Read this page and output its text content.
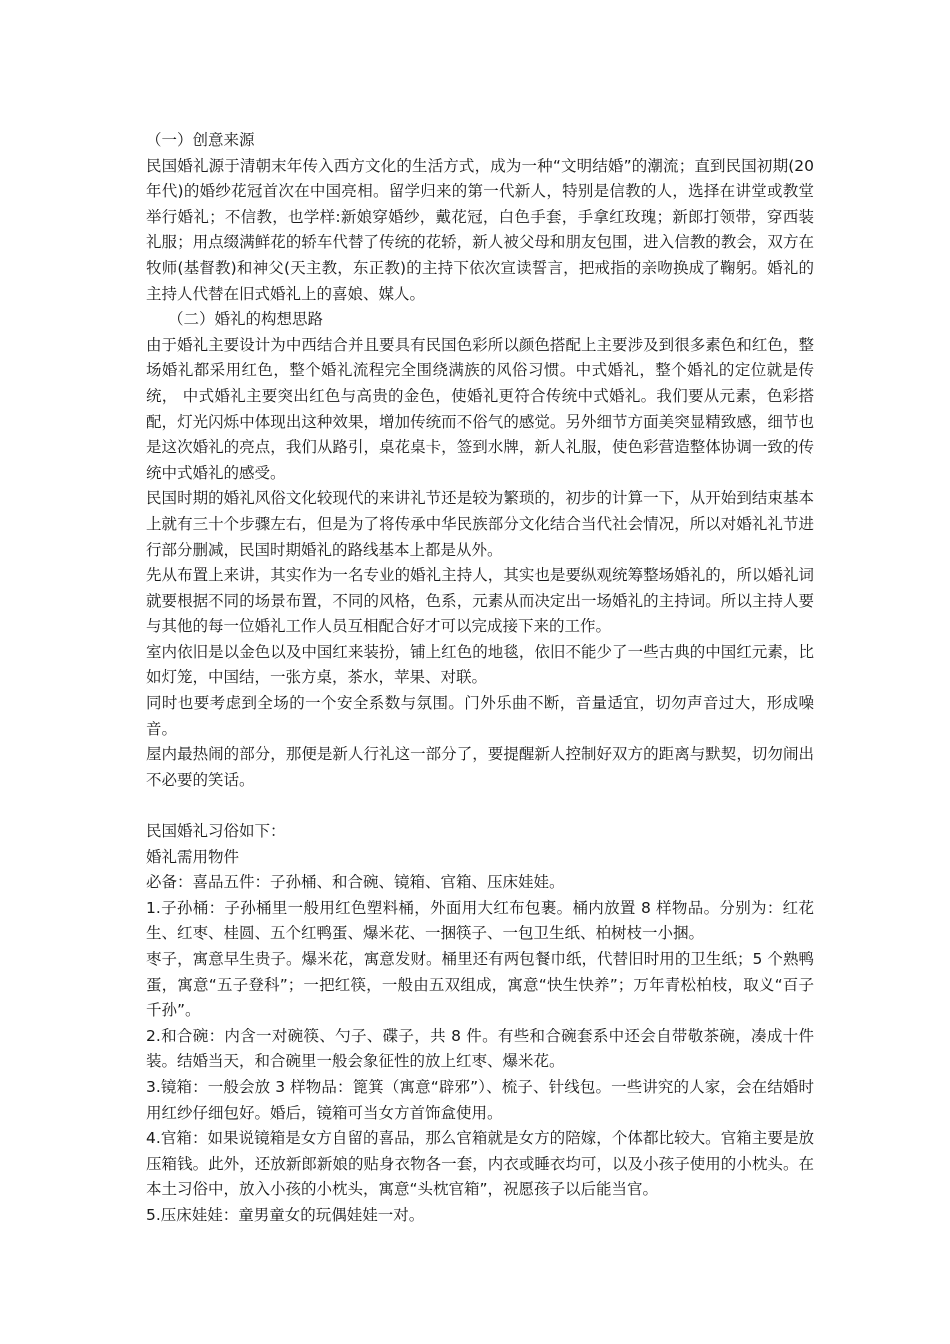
（一）创意来源

民国婚礼源于清朝末年传入西方文化的生活方式，成为一种“文明结婚”的潮流；直到民国初期(20年代)的婚纱花冠首次在中国亮相。留学归来的第一代新人，特别是信教的人，选择在讲堂或教堂举行婚礼；不信教，也学样:新娘穿婚纱，戴花冠，白色手套，手拿红玫瑰；新郎打领带，穿西装礼服；用点缀满鲜花的轿车代替了传统的花轿，新人被父母和朋友包围，进入信教的教会，双方在牧师(基督教)和神父(天主教，东正教)的主持下依次宣读誓言，把戒指的亲吻换成了鞠躬。婚礼的主持人代替在旧式婚礼上的喜娘、媒人。

（二）婚礼的构想思路

由于婚礼主要设计为中西结合并且要具有民国色彩所以颜色搭配上主要涉及到很多素色和红色，整场婚礼都采用红色，整个婚礼流程完全围绕满族的风俗习惯。中式婚礼，整个婚礼的定位就是传统， 中式婚礼主要突出红色与高贵的金色，使婚礼更符合传统中式婚礼。我们要从元素，色彩搭配，灯光闪烁中体现出这种效果，增加传统而不俗气的感觉。另外细节方面美突显精致感，细节也是这次婚礼的亮点，我们从路引，桌花桌卡，签到水牌，新人礼服，使色彩营造整体协调一致的传统中式婚礼的感受。

民国时期的婚礼风俗文化较现代的来讲礼节还是较为繁琐的，初步的计算一下，从开始到结束基本上就有三十个步骤左右，但是为了将传承中华民族部分文化结合当代社会情况，所以对婚礼礼节进行部分删减，民国时期婚礼的路线基本上都是从外。

先从布置上来讲，其实作为一名专业的婚礼主持人，其实也是要纵观统筹整场婚礼的，所以婚礼词就要根据不同的场景布置，不同的风格，色系，元素从而决定出一场婚礼的主持词。所以主持人要与其他的每一位婚礼工作人员互相配合好才可以完成接下来的工作。

室内依旧是以金色以及中国红来装扮，铺上红色的地毯，依旧不能少了一些古典的中国红元素，比如灯笼，中国结，一张方桌，茶水，苹果、对联。

同时也要考虑到全场的一个安全系数与氛围。门外乐曲不断，音量适宜，切勿声音过大，形成噪音。

屋内最热闹的部分，那便是新人行礼这一部分了，要提醒新人控制好双方的距离与默契，切勿闹出不必要的笑话。

民国婚礼习俗如下：

婚礼需用物件

必备：喜品五件：子孙桶、和合碗、镜箱、官箱、压床娃娃。

1.子孙桶：子孙桶里一般用红色塑料桶，外面用大红布包裹。桶内放置 8 样物品。分别为：红花生、红枣、桂圆、五个红鸭蛋、爆米花、一捆筷子、一包卫生纸、柏树枝一小捆。

枣子，寓意早生贵子。爆米花，寓意发财。桶里还有两包餐巾纸，代替旧时用的卫生纸；5 个熟鸭蛋，寓意“五子登科”；一把红筷，一般由五双组成，寓意“快生快养”；万年青松柏枝，取义“百子千孙”。

2.和合碗：内含一对碗筷、勺子、碟子，共 8 件。有些和合碗套系中还会自带敬茶碗，凑成十件装。结婚当天，和合碗里一般会象征性的放上红枣、爆米花。

3.镜箱：一般会放 3 样物品：篦箕（寓意“辟邪”）、梳子、针线包。一些讲究的人家，会在结婚时用红纱仔细包好。婚后，镜箱可当女方首饰盒使用。

4.官箱：如果说镜箱是女方自留的喜品，那么官箱就是女方的陪嫁，个体都比较大。官箱主要是放压箱钱。此外，还放新郎新娘的贴身衣物各一套，内衣或睡衣均可，以及小孩子使用的小枕头。在本土习俗中，放入小孩的小枕头，寓意“头枕官箱”，祝愿孩子以后能当官。

5.压床娃娃：童男童女的玩偶娃娃一对。
